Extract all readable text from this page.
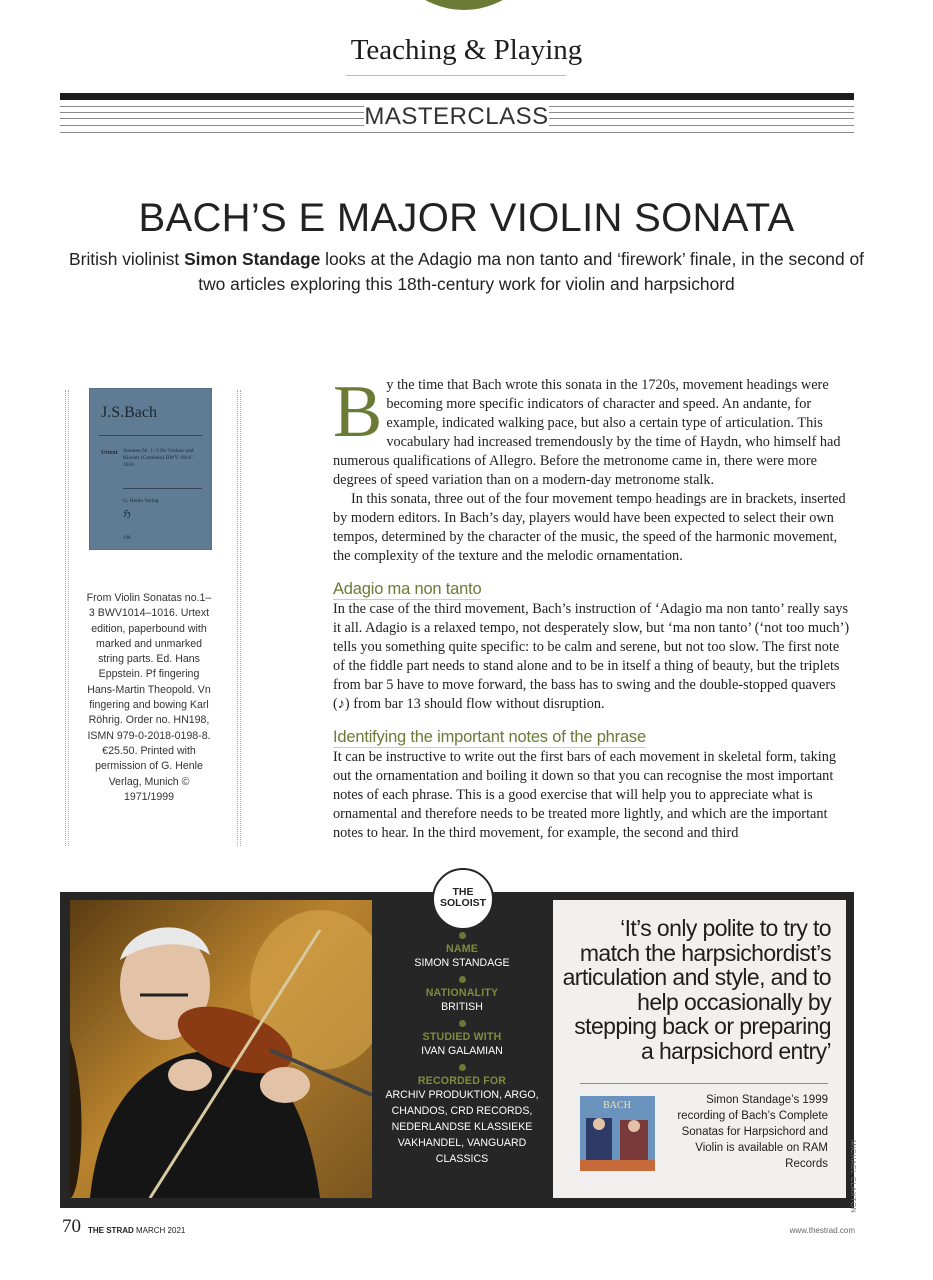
Teaching & Playing
MASTERCLASS
BACH’S E MAJOR VIOLIN SONATA
British violinist Simon Standage looks at the Adagio ma non tanto and ‘firework’ finale, in the second of two articles exploring this 18th-century work for violin and harpsichord
J.S.Bach
Urtext Sonaten Nr. 1–3 für Violine und Klavier (Cembalo) BWV 1014–1016
G. Henle Verlag
ℌ
198
From Violin Sonatas no.1–3 BWV1014–1016. Urtext edition, paperbound with marked and unmarked string parts. Ed. Hans Eppstein. Pf fingering Hans-Martin Theopold. Vn fingering and bowing Karl Röhrig. Order no. HN198, ISMN 979-0-2018-0198-8. €25.50. Printed with permission of G. Henle Verlag, Munich © 1971/1999

By the time that Bach wrote this sonata in the 1720s, movement headings were becoming more specific indicators of character and speed. An andante, for example, indicated walking pace, but also a certain type of articulation. This vocabulary had increased tremendously by the time of Haydn, who himself had numerous qualifications of Allegro. Before the metronome came in, there were more degrees of speed variation than on a modern-day metronome stalk.

In this sonata, three out of the four movement tempo headings are in brackets, inserted by modern editors. In Bach’s day, players would have been expected to select their own tempos, determined by the character of the music, the speed of the harmonic movement, the complexity of the texture and the melodic ornamentation.

Adagio ma non tanto

In the case of the third movement, Bach’s instruction of ‘Adagio ma non tanto’ really says it all. Adagio is a relaxed tempo, not desperately slow, but ‘ma non tanto’ (‘not too much’) tells you something quite specific: to be calm and serene, but not too slow. The first note of the fiddle part needs to stand alone and to be in itself a thing of beauty, but the triplets from bar 5 have to move forward, the bass has to swing and the double-stopped quavers (♪) from bar 13 should flow without disruption.

Identifying the important notes of the phrase

It can be instructive to write out the first bars of each movement in skeletal form, taking out the ornamentation and boiling it down so that you can recognise the most important notes of each phrase. This is a good exercise that will help you to appreciate what is ornamental and therefore needs to be treated more lightly, and which are the important notes to hear. In the third movement, for example, the second and third

THE
SOLOIST
NAME
SIMON STANDAGE
NATIONALITY
BRITISH
STUDIED WITH
IVAN GALAMIAN
RECORDED FOR
ARCHIV PRODUKTION, ARGO, CHANDOS, CRD RECORDS, NEDERLANDSE KLASSIEKE VAKHANDEL, VANGUARD CLASSICS
‘It’s only polite to try to match the harpsichordist’s articulation and style, and to help occasionally by stepping back or preparing a harpsichord entry’
BACH	Simon Standage’s 1999 recording of Bach’s Complete Sonatas for Harpsichord and Violin is available on RAM Records	MICHAEL CLAXTON
70 THE STRAD MARCH 2021	www.thestrad.com
